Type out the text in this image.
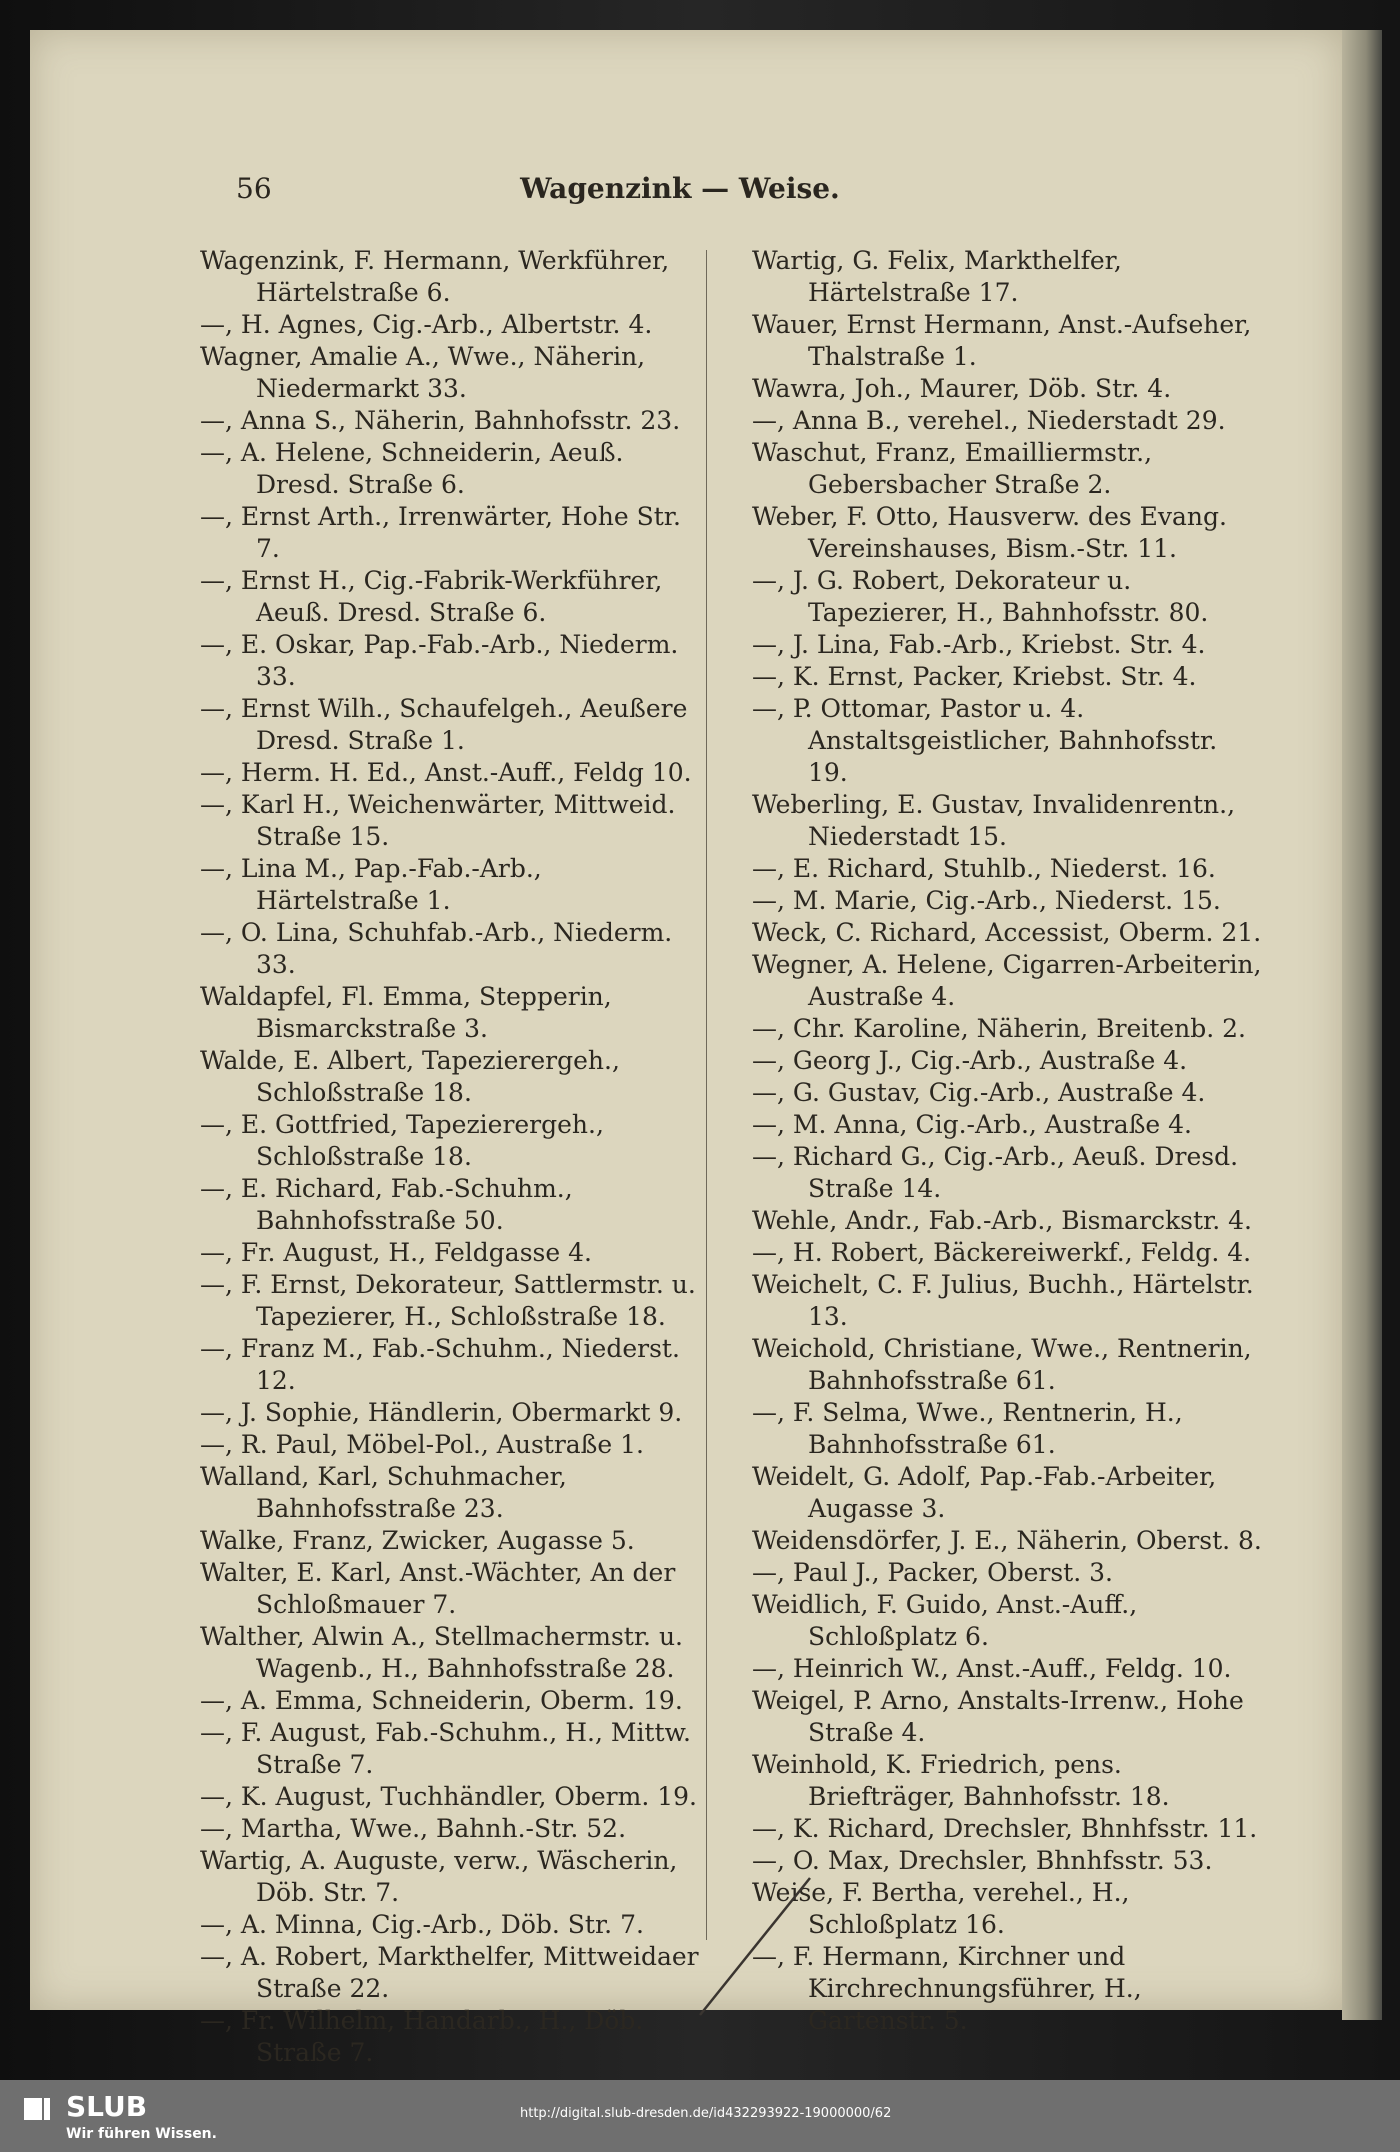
56	Wagenzink — Weise.

Wagenzink, F. Hermann, Werkführer, Härtelstraße 6.

—, H. Agnes, Cig.-Arb., Albertstr. 4.

Wagner, Amalie A., Wwe., Näherin, Niedermarkt 33.

—, Anna S., Näherin, Bahnhofsstr. 23.

—, A. Helene, Schneiderin, Aeuß. Dresd. Straße 6.

—, Ernst Arth., Irrenwärter, Hohe Str. 7.

—, Ernst H., Cig.-Fabrik-Werkführer, Aeuß. Dresd. Straße 6.

—, E. Oskar, Pap.-Fab.-Arb., Niederm. 33.

—, Ernst Wilh., Schaufelgeh., Aeußere Dresd. Straße 1.

—, Herm. H. Ed., Anst.-Auff., Feldg 10.

—, Karl H., Weichenwärter, Mittweid. Straße 15.

—, Lina M., Pap.-Fab.-Arb., Härtelstraße 1.

—, O. Lina, Schuhfab.-Arb., Niederm. 33.

Waldapfel, Fl. Emma, Stepperin, Bismarckstraße 3.

Walde, E. Albert, Tapezierergeh., Schloßstraße 18.

—, E. Gottfried, Tapezierergeh., Schloßstraße 18.

—, E. Richard, Fab.-Schuhm., Bahnhofsstraße 50.

—, Fr. August, H., Feldgasse 4.

—, F. Ernst, Dekorateur, Sattlermstr. u. Tapezierer, H., Schloßstraße 18.

—, Franz M., Fab.-Schuhm., Niederst. 12.

—, J. Sophie, Händlerin, Obermarkt 9.

—, R. Paul, Möbel-Pol., Austraße 1.

Walland, Karl, Schuhmacher, Bahnhofsstraße 23.

Walke, Franz, Zwicker, Augasse 5.

Walter, E. Karl, Anst.-Wächter, An der Schloßmauer 7.

Walther, Alwin A., Stellmachermstr. u. Wagenb., H., Bahnhofsstraße 28.

—, A. Emma, Schneiderin, Oberm. 19.

—, F. August, Fab.-Schuhm., H., Mittw. Straße 7.

—, K. August, Tuchhändler, Oberm. 19.

—, Martha, Wwe., Bahnh.-Str. 52.

Wartig, A. Auguste, verw., Wäscherin, Döb. Str. 7.

—, A. Minna, Cig.-Arb., Döb. Str. 7.

—, A. Robert, Markthelfer, Mittweidaer Straße 22.

—, Fr. Wilhelm, Handarb., H., Döb. Straße 7.

Wartig, G. Felix, Markthelfer, Härtelstraße 17.

Wauer, Ernst Hermann, Anst.-Aufseher, Thalstraße 1.

Wawra, Joh., Maurer, Döb. Str. 4.

—, Anna B., verehel., Niederstadt 29.

Waschut, Franz, Emailliermstr., Gebersbacher Straße 2.

Weber, F. Otto, Hausverw. des Evang. Vereinshauses, Bism.-Str. 11.

—, J. G. Robert, Dekorateur u. Tapezierer, H., Bahnhofsstr. 80.

—, J. Lina, Fab.-Arb., Kriebst. Str. 4.

—, K. Ernst, Packer, Kriebst. Str. 4.

—, P. Ottomar, Pastor u. 4. Anstaltsgeistlicher, Bahnhofsstr. 19.

Weberling, E. Gustav, Invalidenrentn., Niederstadt 15.

—, E. Richard, Stuhlb., Niederst. 16.

—, M. Marie, Cig.-Arb., Niederst. 15.

Weck, C. Richard, Accessist, Oberm. 21.

Wegner, A. Helene, Cigarren-Arbeiterin, Austraße 4.

—, Chr. Karoline, Näherin, Breitenb. 2.

—, Georg J., Cig.-Arb., Austraße 4.

—, G. Gustav, Cig.-Arb., Austraße 4.

—, M. Anna, Cig.-Arb., Austraße 4.

—, Richard G., Cig.-Arb., Aeuß. Dresd. Straße 14.

Wehle, Andr., Fab.-Arb., Bismarckstr. 4.

—, H. Robert, Bäckereiwerkf., Feldg. 4.

Weichelt, C. F. Julius, Buchh., Härtelstr. 13.

Weichold, Christiane, Wwe., Rentnerin, Bahnhofsstraße 61.

—, F. Selma, Wwe., Rentnerin, H., Bahnhofsstraße 61.

Weidelt, G. Adolf, Pap.-Fab.-Arbeiter, Augasse 3.

Weidensdörfer, J. E., Näherin, Oberst. 8.

—, Paul J., Packer, Oberst. 3.

Weidlich, F. Guido, Anst.-Auff., Schloßplatz 6.

—, Heinrich W., Anst.-Auff., Feldg. 10.

Weigel, P. Arno, Anstalts-Irrenw., Hohe Straße 4.

Weinhold, K. Friedrich, pens. Briefträger, Bahnhofsstr. 18.

—, K. Richard, Drechsler, Bhnhfsstr. 11.

—, O. Max, Drechsler, Bhnhfsstr. 53.

Weise, F. Bertha, verehel., H., Schloßplatz 16.

—, F. Hermann, Kirchner und Kirchrechnungsführer, H., Gartenstr. 5.

SLUB
Wir führen Wissen.
http://digital.slub-dresden.de/id432293922-19000000/62
